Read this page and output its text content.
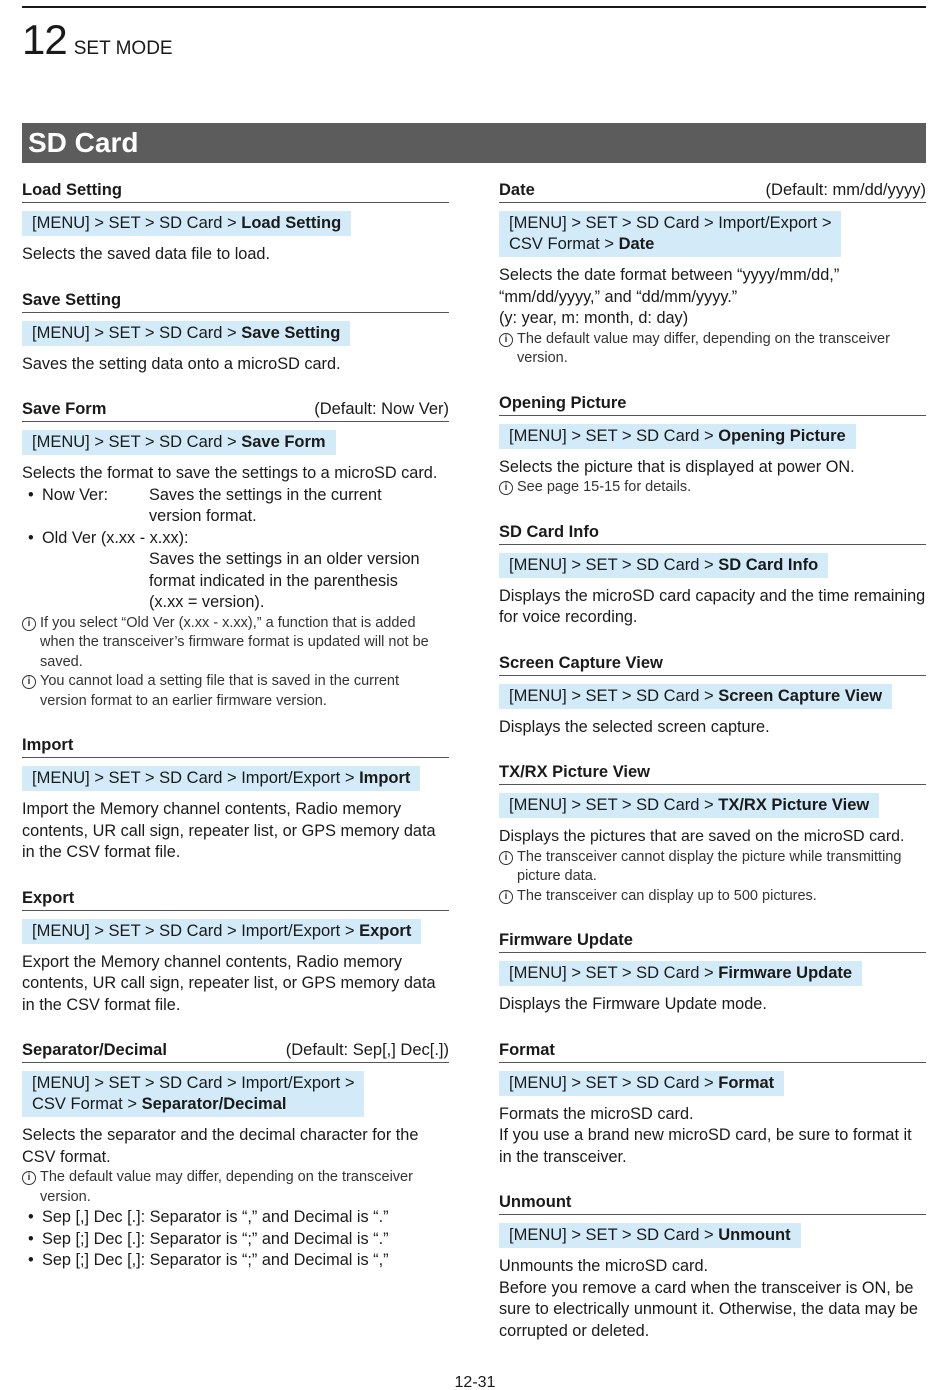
12 SET MODE
SD Card
Load Setting
[MENU] > SET > SD Card > Load Setting
Selects the saved data file to load.
Save Setting
[MENU] > SET > SD Card > Save Setting
Saves the setting data onto a microSD card.
Save Form	(Default: Now Ver)
[MENU] > SET > SD Card > Save Form
Selects the format to save the settings to a microSD card.
• Now Ver:	Saves the settings in the current
version format.
• Old Ver (x.xx - x.xx):
Saves the settings in an older version
format indicated in the parenthesis
(x.xx = version).
i If you select “Old Ver (x.xx - x.xx),” a function that is added when the transceiver’s firmware format is updated will not be saved.
i You cannot load a setting file that is saved in the current version format to an earlier firmware version.
Import
[MENU] > SET > SD Card > Import/Export > Import
Import the Memory channel contents, Radio memory contents, UR call sign, repeater list, or GPS memory data in the CSV format file.
Export
[MENU] > SET > SD Card > Import/Export > Export
Export the Memory channel contents, Radio memory contents, UR call sign, repeater list, or GPS memory data in the CSV format file.
Separator/Decimal	(Default: Sep[,] Dec[.])
[MENU] > SET > SD Card > Import/Export >
CSV Format > Separator/Decimal
Selects the separator and the decimal character for the CSV format.
i The default value may differ, depending on the transceiver version.
• Sep [,] Dec [.]: Separator is “,” and Decimal is “.”
• Sep [;] Dec [.]: Separator is “;” and Decimal is “.”
• Sep [;] Dec [,]: Separator is “;” and Decimal is “,”
Date	(Default: mm/dd/yyyy)
[MENU] > SET > SD Card > Import/Export >
CSV Format > Date
Selects the date format between “yyyy/mm/dd,” “mm/dd/yyyy,” and “dd/mm/yyyy.”
(y: year, m: month, d: day)
i The default value may differ, depending on the transceiver version.
Opening Picture
[MENU] > SET > SD Card > Opening Picture
Selects the picture that is displayed at power ON.
i See page 15-15 for details.
SD Card Info
[MENU] > SET > SD Card > SD Card Info
Displays the microSD card capacity and the time remaining for voice recording.
Screen Capture View
[MENU] > SET > SD Card > Screen Capture View
Displays the selected screen capture.
TX/RX Picture View
[MENU] > SET > SD Card > TX/RX Picture View
Displays the pictures that are saved on the microSD card.
i The transceiver cannot display the picture while transmitting picture data.
i The transceiver can display up to 500 pictures.
Firmware Update
[MENU] > SET > SD Card > Firmware Update
Displays the Firmware Update mode.
Format
[MENU] > SET > SD Card > Format
Formats the microSD card.
If you use a brand new microSD card, be sure to format it in the transceiver.
Unmount
[MENU] > SET > SD Card > Unmount
Unmounts the microSD card.
Before you remove a card when the transceiver is ON, be sure to electrically unmount it. Otherwise, the data may be corrupted or deleted.
12-31
